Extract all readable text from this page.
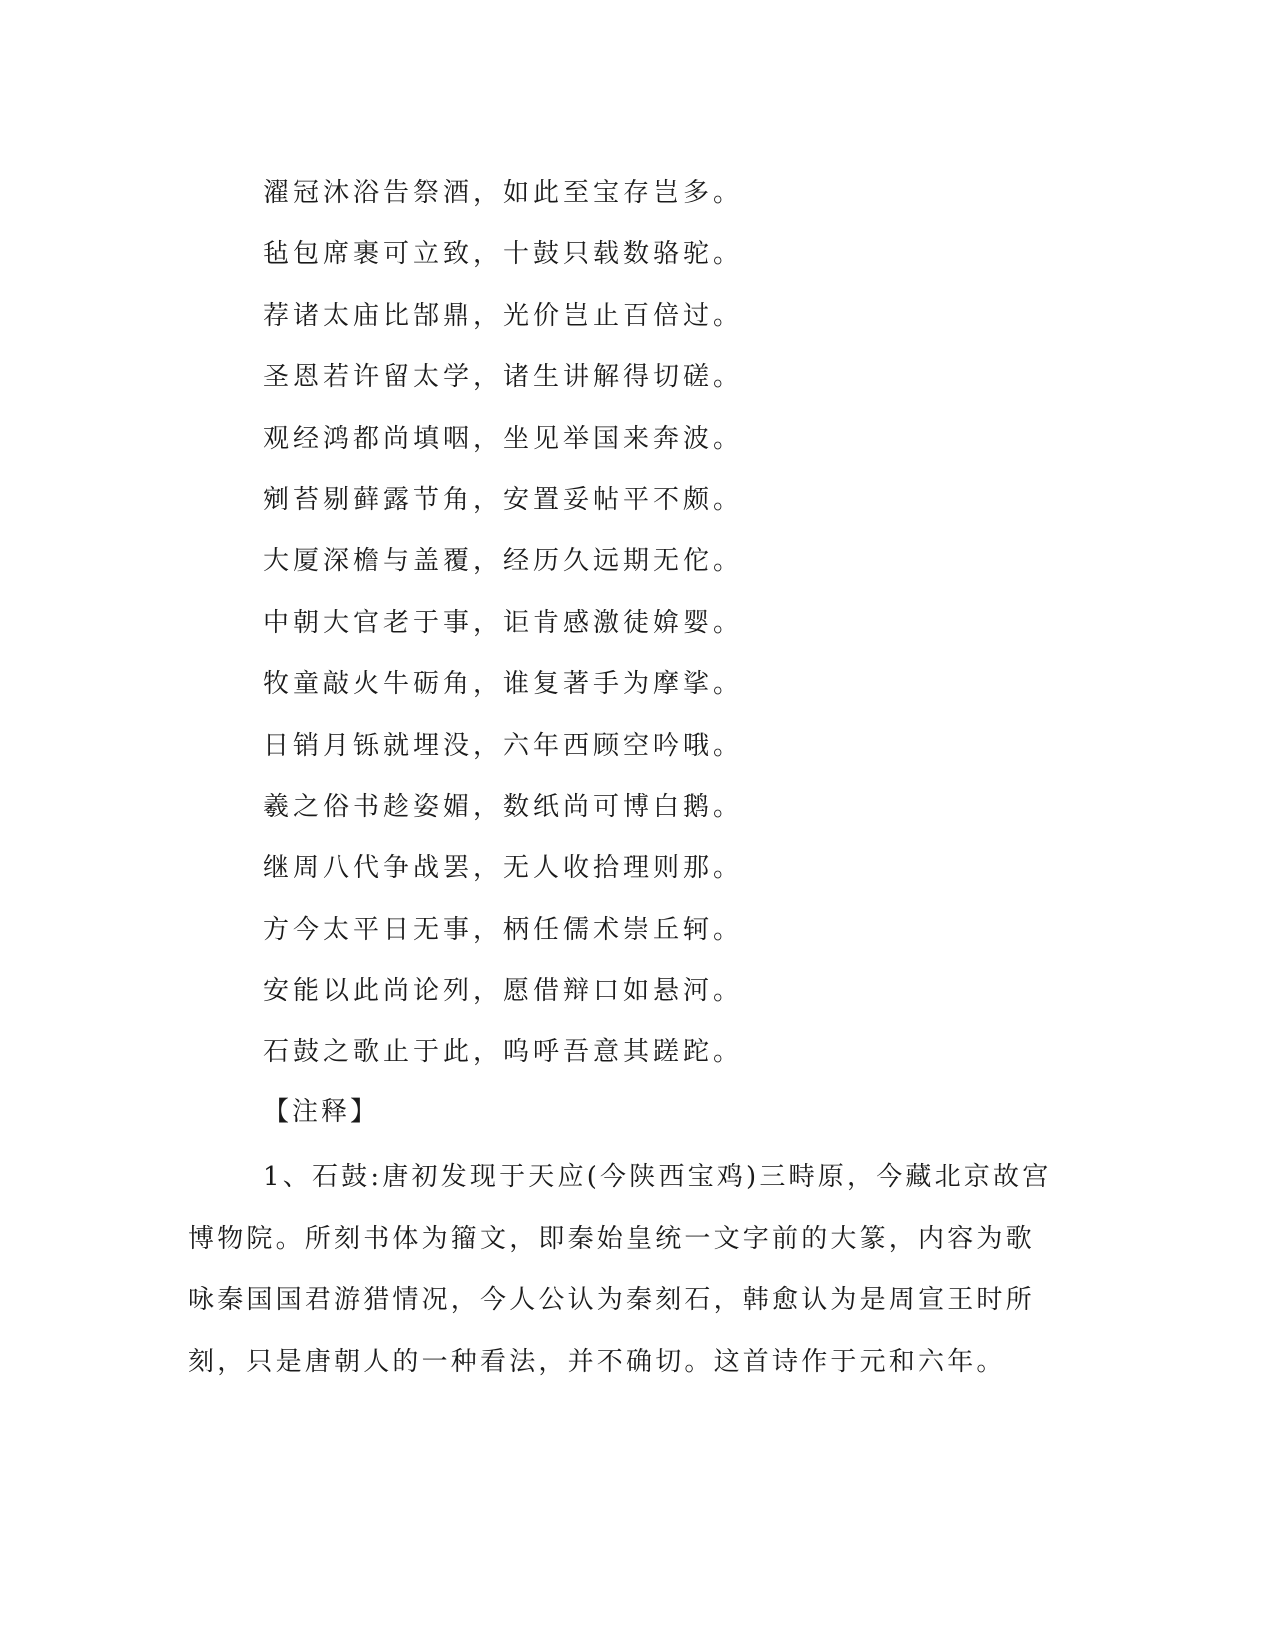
濯冠沐浴告祭酒，如此至宝存岂多。
毡包席裹可立致，十鼓只载数骆驼。
荐诸太庙比郜鼎，光价岂止百倍过。
圣恩若许留太学，诸生讲解得切磋。
观经鸿都尚填咽，坐见举国来奔波。
剜苔剔藓露节角，安置妥帖平不颇。
大厦深檐与盖覆，经历久远期无佗。
中朝大官老于事，讵肯感激徒媕婴。
牧童敲火牛砺角，谁复著手为摩挲。
日销月铄就埋没，六年西顾空吟哦。
羲之俗书趁姿媚，数纸尚可博白鹅。
继周八代争战罢，无人收拾理则那。
方今太平日无事，柄任儒术崇丘轲。
安能以此尚论列，愿借辩口如悬河。
石鼓之歌止于此，呜呼吾意其蹉跎。
【注释】

1、石鼓:唐初发现于天应(今陕西宝鸡)三畤原，今藏北京故宫博物院。所刻书体为籀文，即秦始皇统一文字前的大篆，内容为歌咏秦国国君游猎情况，今人公认为秦刻石，韩愈认为是周宣王时所刻，只是唐朝人的一种看法，并不确切。这首诗作于元和六年。
